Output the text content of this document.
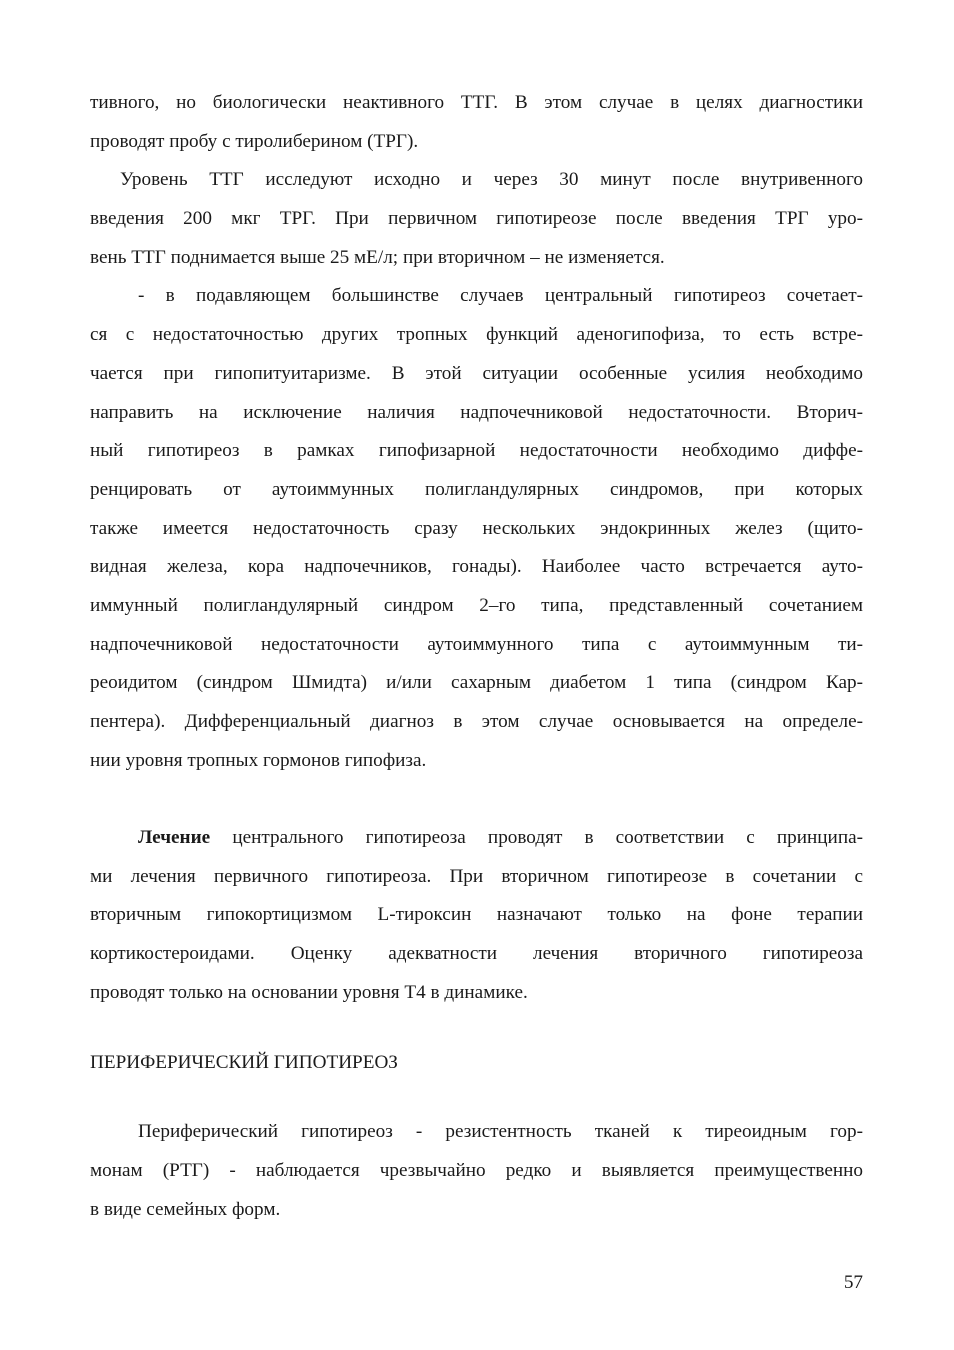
тивного, но биологически неактивного ТТГ. В этом случае в целях диагностики
проводят пробу с тиролиберином (ТРГ).
Уровень ТТГ исследуют исходно и через 30 минут после внутривенного
введения 200 мкг ТРГ. При первичном гипотиреозе после введения ТРГ уро-
вень ТТГ поднимается выше 25 мЕ/л; при вторичном – не изменяется.
- в подавляющем большинстве случаев центральный гипотиреоз сочетает-
ся с недостаточностью других тропных функций аденогипофиза, то есть встре-
чается при гипопитуитаризме. В этой ситуации особенные усилия необходимо
направить на исключение наличия надпочечниковой недостаточности. Вторич-
ный гипотиреоз в рамках гипофизарной недостаточности необходимо диффе-
ренцировать от аутоиммунных полигландулярных синдромов, при которых
также имеется недостаточность сразу нескольких эндокринных желез (щито-
видная железа, кора надпочечников, гонады). Наиболее часто встречается ауто-
иммунный полигландулярный синдром 2–го типа, представленный сочетанием
надпочечниковой недостаточности аутоиммунного типа с аутоиммунным ти-
реоидитом (синдром Шмидта) и/или сахарным диабетом 1 типа (синдром Кар-
пентера). Дифференциальный диагноз в этом случае основывается на определе-
нии уровня тропных гормонов гипофиза.
Лечение центрального гипотиреоза проводят в соответствии с принципа-
ми лечения первичного гипотиреоза. При вторичном гипотиреозе в сочетании с
вторичным гипокортицизмом L-тироксин назначают только на фоне терапии
кортикостероидами. Оценку адекватности лечения вторичного гипотиреоза
проводят только на основании уровня Т4 в динамике.
ПЕРИФЕРИЧЕСКИЙ ГИПОТИРЕОЗ
Периферический гипотиреоз - резистентность тканей к тиреоидным гор-
монам (РТГ) - наблюдается чрезвычайно редко и выявляется преимущественно
в виде семейных форм.
57
